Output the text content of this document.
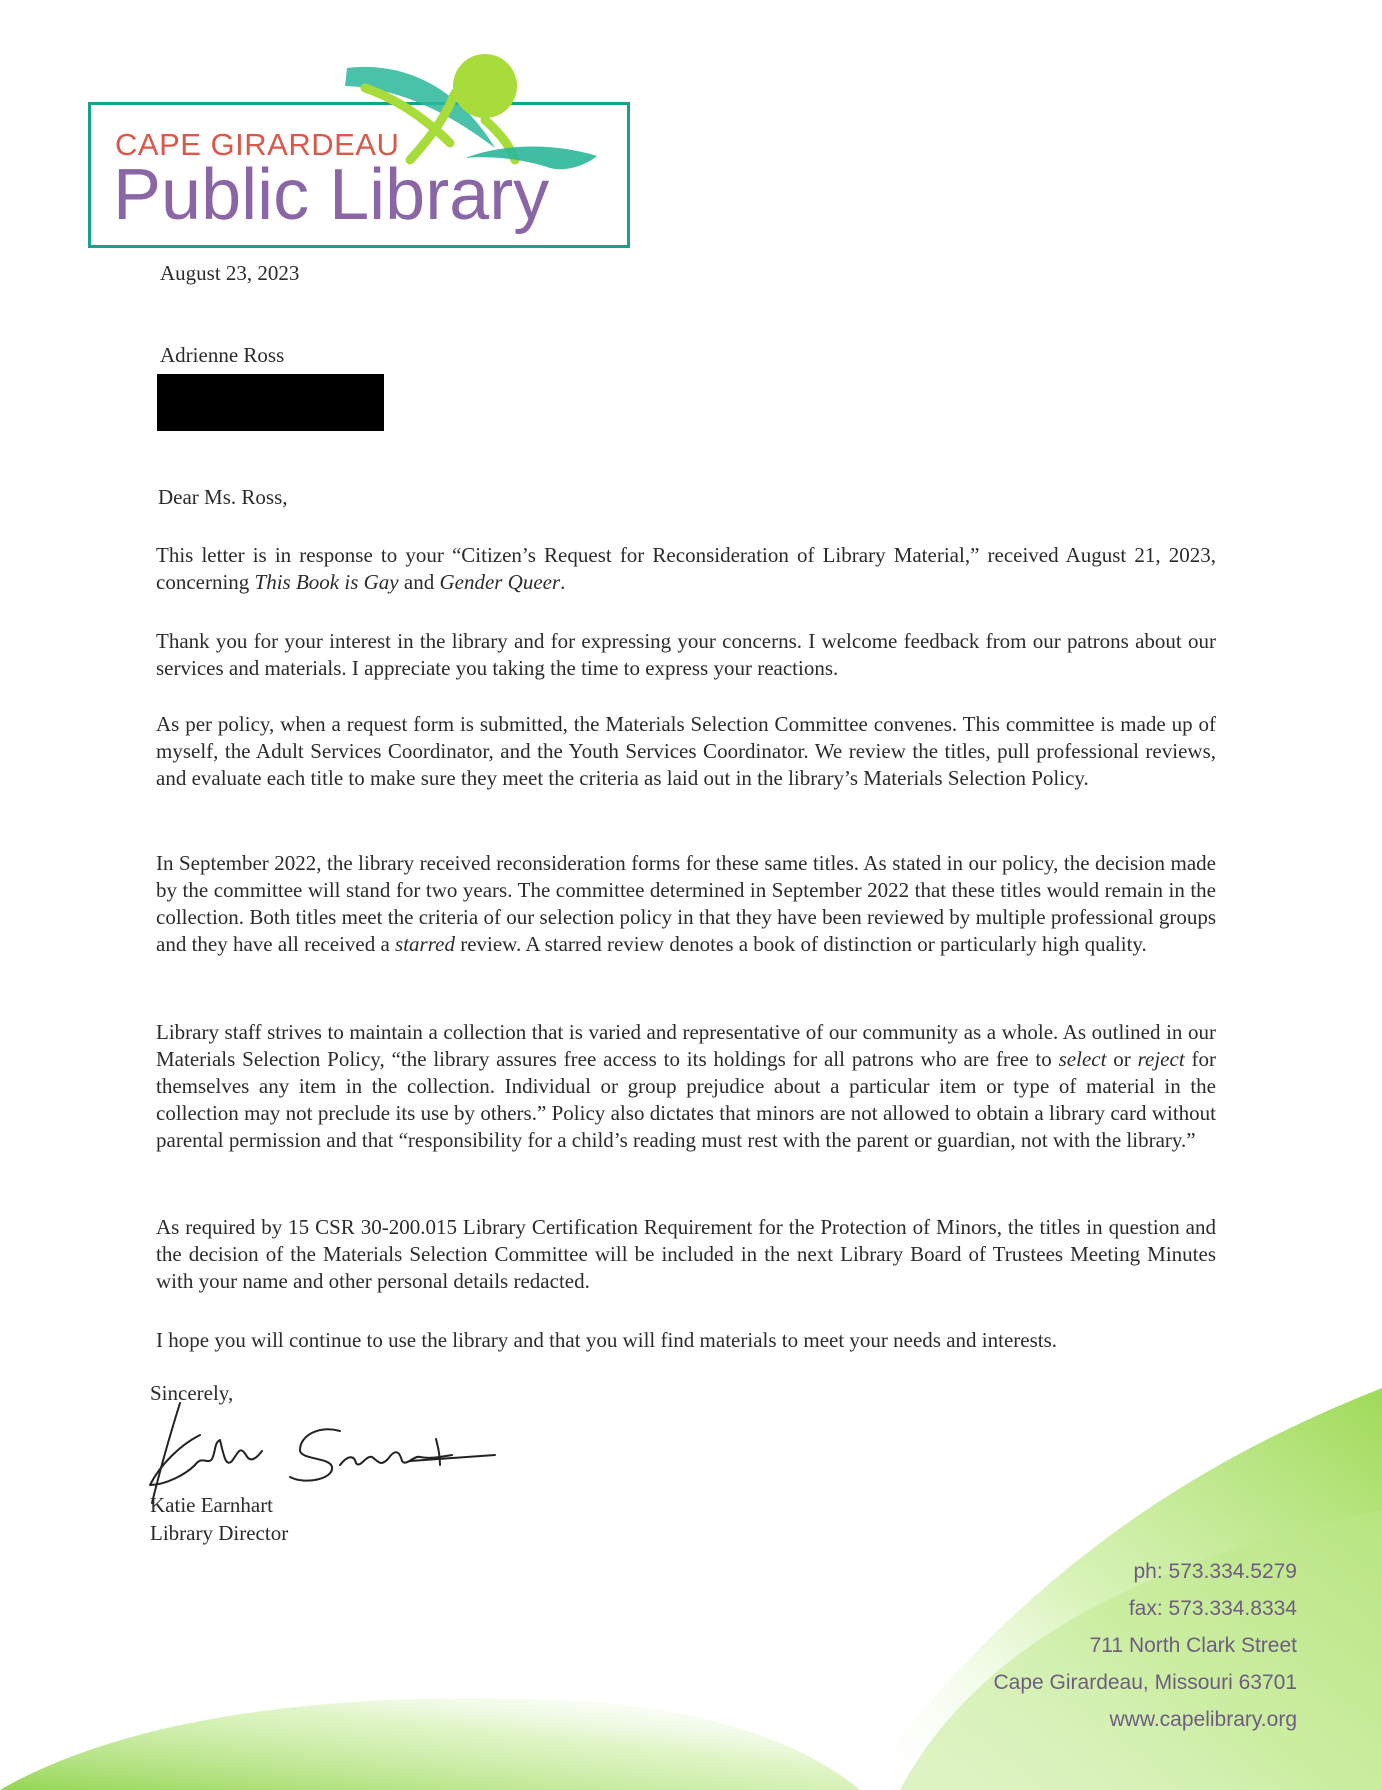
CAPE GIRARDEAU
Public Library
August 23, 2023
Adrienne Ross
Dear Ms. Ross,
This letter is in response to your “Citizen’s Request for Reconsideration of Library Material,” received August 21, 2023, concerning This Book is Gay and Gender Queer.
Thank you for your interest in the library and for expressing your concerns. I welcome feedback from our patrons about our services and materials. I appreciate you taking the time to express your reactions.
As per policy, when a request form is submitted, the Materials Selection Committee convenes. This committee is made up of myself, the Adult Services Coordinator, and the Youth Services Coordinator. We review the titles, pull professional reviews, and evaluate each title to make sure they meet the criteria as laid out in the library’s Materials Selection Policy.
In September 2022, the library received reconsideration forms for these same titles. As stated in our policy, the decision made by the committee will stand for two years. The committee determined in September 2022 that these titles would remain in the collection. Both titles meet the criteria of our selection policy in that they have been reviewed by multiple professional groups and they have all received a starred review. A starred review denotes a book of distinction or particularly high quality.
Library staff strives to maintain a collection that is varied and representative of our community as a whole. As outlined in our Materials Selection Policy, “the library assures free access to its holdings for all patrons who are free to select or reject for themselves any item in the collection. Individual or group prejudice about a particular item or type of material in the collection may not preclude its use by others.” Policy also dictates that minors are not allowed to obtain a library card without parental permission and that “responsibility for a child’s reading must rest with the parent or guardian, not with the library.”
As required by 15 CSR 30-200.015 Library Certification Requirement for the Protection of Minors, the titles in question and the decision of the Materials Selection Committee will be included in the next Library Board of Trustees Meeting Minutes with your name and other personal details redacted.
I hope you will continue to use the library and that you will find materials to meet your needs and interests.
Sincerely,
Katie Earnhart
Library Director
ph: 573.334.5279
fax: 573.334.8334
711 North Clark Street
Cape Girardeau, Missouri 63701
www.capelibrary.org
